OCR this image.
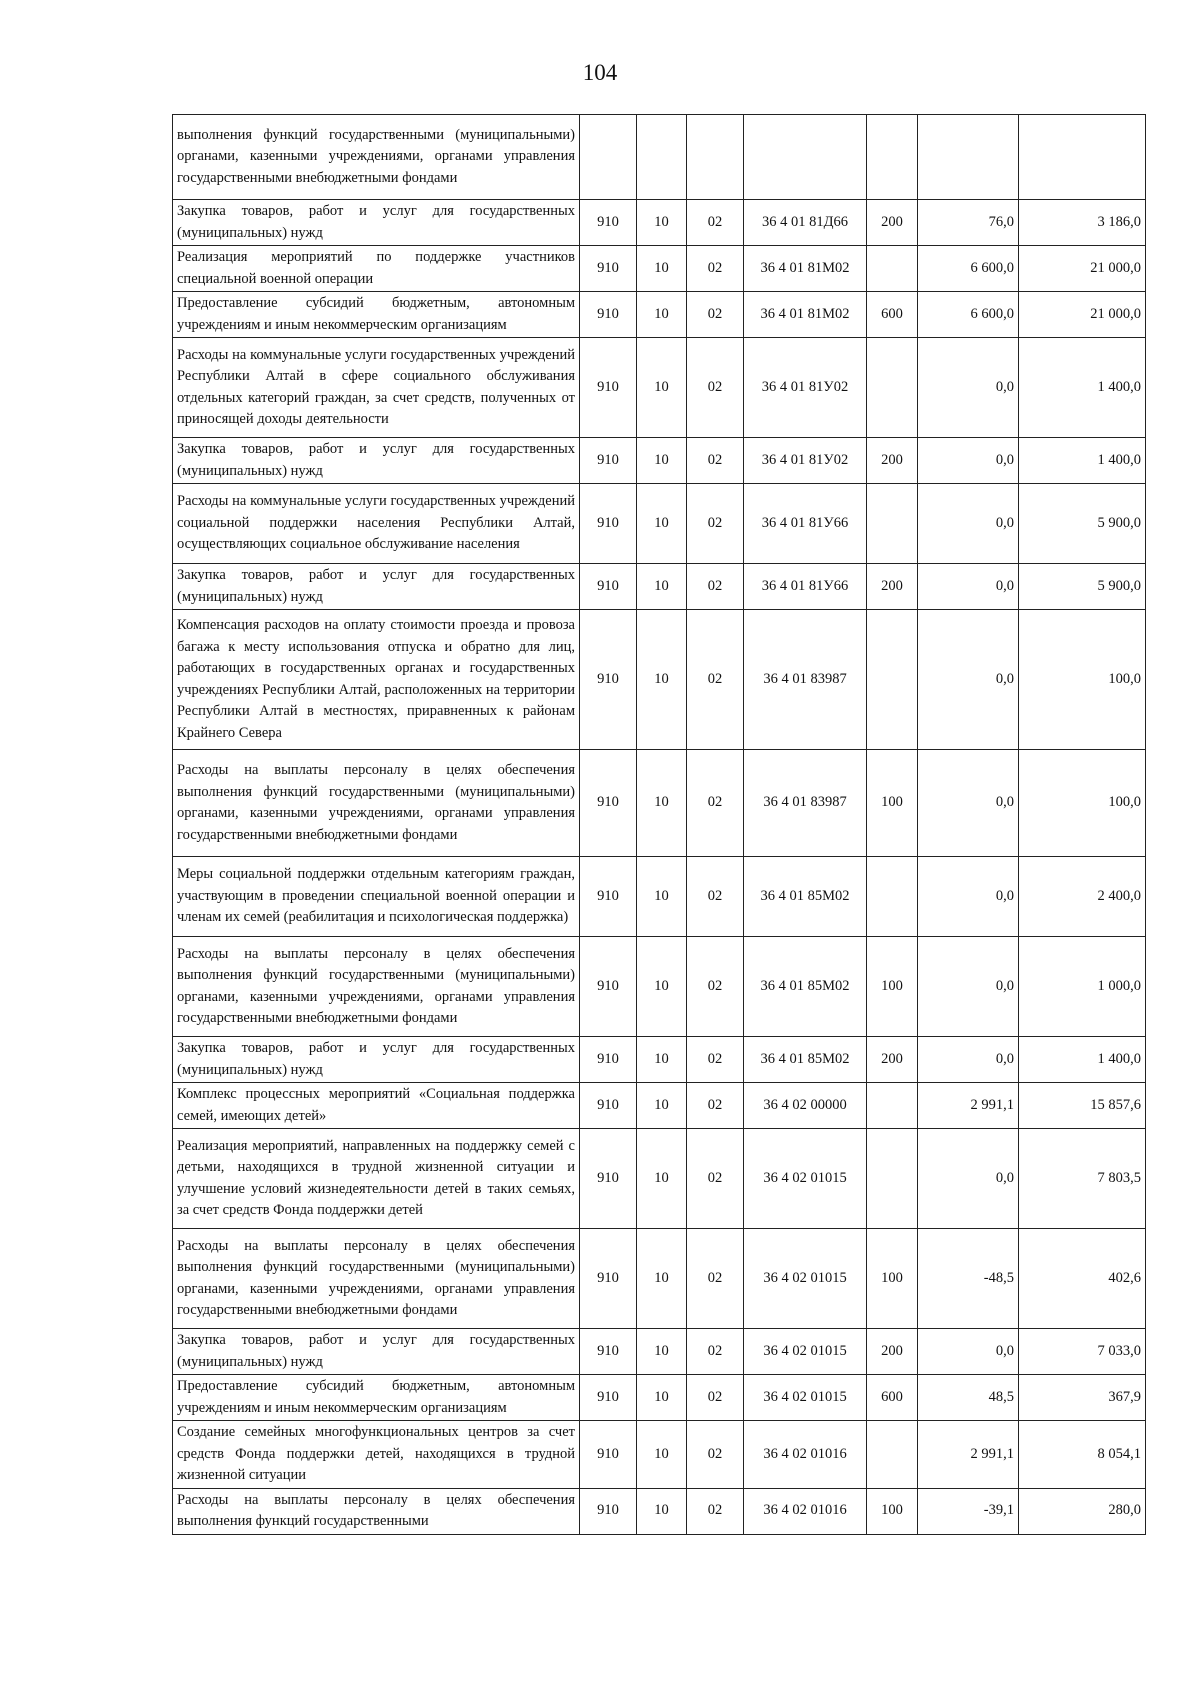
104
выполнения функций государственными (муниципальными) органами, казенными учреждениями, органами управления государственными внебюджетными фондами							
Закупка товаров, работ и услуг для государственных (муниципальных) нужд	910	10	02	36 4 01 81Д66	200	76,0	3 186,0
Реализация мероприятий по поддержке участников специальной военной операции	910	10	02	36 4 01 81М02		6 600,0	21 000,0
Предоставление субсидий бюджетным, автономным учреждениям и иным некоммерческим организациям	910	10	02	36 4 01 81М02	600	6 600,0	21 000,0
Расходы на коммунальные услуги государственных учреждений Республики Алтай в сфере социального обслуживания отдельных категорий граждан, за счет средств, полученных от приносящей доходы деятельности	910	10	02	36 4 01 81У02		0,0	1 400,0
Закупка товаров, работ и услуг для государственных (муниципальных) нужд	910	10	02	36 4 01 81У02	200	0,0	1 400,0
Расходы на коммунальные услуги государственных учреждений социальной поддержки населения Республики Алтай, осуществляющих социальное обслуживание населения	910	10	02	36 4 01 81У66		0,0	5 900,0
Закупка товаров, работ и услуг для государственных (муниципальных) нужд	910	10	02	36 4 01 81У66	200	0,0	5 900,0
Компенсация расходов на оплату стоимости проезда и провоза багажа к месту использования отпуска и обратно для лиц, работающих в государственных органах и государственных учреждениях Республики Алтай, расположенных на территории Республики Алтай в местностях, приравненных к районам Крайнего Севера	910	10	02	36 4 01 83987		0,0	100,0
Расходы на выплаты персоналу в целях обеспечения выполнения функций государственными (муниципальными) органами, казенными учреждениями, органами управления государственными внебюджетными фондами	910	10	02	36 4 01 83987	100	0,0	100,0
Меры социальной поддержки отдельным категориям граждан, участвующим в проведении специальной военной операции и членам их семей (реабилитация и психологическая поддержка)	910	10	02	36 4 01 85М02		0,0	2 400,0
Расходы на выплаты персоналу в целях обеспечения выполнения функций государственными (муниципальными) органами, казенными учреждениями, органами управления государственными внебюджетными фондами	910	10	02	36 4 01 85М02	100	0,0	1 000,0
Закупка товаров, работ и услуг для государственных (муниципальных) нужд	910	10	02	36 4 01 85М02	200	0,0	1 400,0
Комплекс процессных мероприятий «Социальная поддержка семей, имеющих детей»	910	10	02	36 4 02 00000		2 991,1	15 857,6
Реализация мероприятий, направленных на поддержку семей с детьми, находящихся в трудной жизненной ситуации и улучшение условий жизнедеятельности детей в таких семьях, за счет средств Фонда поддержки детей	910	10	02	36 4 02 01015		0,0	7 803,5
Расходы на выплаты персоналу в целях обеспечения выполнения функций государственными (муниципальными) органами, казенными учреждениями, органами управления государственными внебюджетными фондами	910	10	02	36 4 02 01015	100	-48,5	402,6
Закупка товаров, работ и услуг для государственных (муниципальных) нужд	910	10	02	36 4 02 01015	200	0,0	7 033,0
Предоставление субсидий бюджетным, автономным учреждениям и иным некоммерческим организациям	910	10	02	36 4 02 01015	600	48,5	367,9
Создание семейных многофункциональных центров за счет средств Фонда поддержки детей, находящихся в трудной жизненной ситуации	910	10	02	36 4 02 01016		2 991,1	8 054,1
Расходы на выплаты персоналу в целях обеспечения выполнения функций государственными	910	10	02	36 4 02 01016	100	-39,1	280,0
